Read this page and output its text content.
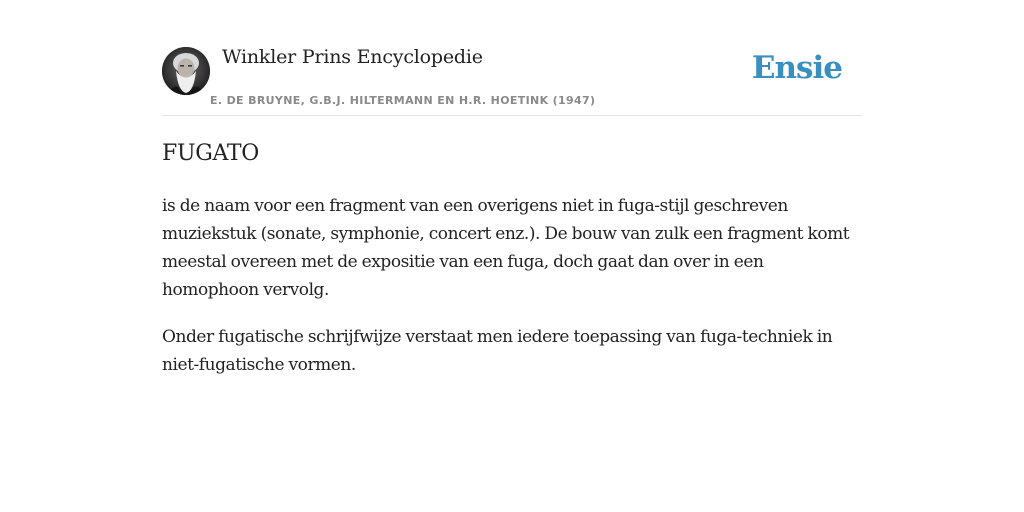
Winkler Prins Encyclopedie
E. DE BRUYNE, G.B.J. HILTERMANN EN H.R. HOETINK (1947)
Ensie
FUGATO

is de naam voor een fragment van een overigens niet in fuga-stijl geschreven muziekstuk (sonate, symphonie, concert enz.). De bouw van zulk een fragment komt meestal overeen met de expositie van een fuga, doch gaat dan over in een homophoon vervolg.

Onder fugatische schrijfwijze verstaat men iedere toepassing van fuga-techniek in niet-fugatische vormen.
